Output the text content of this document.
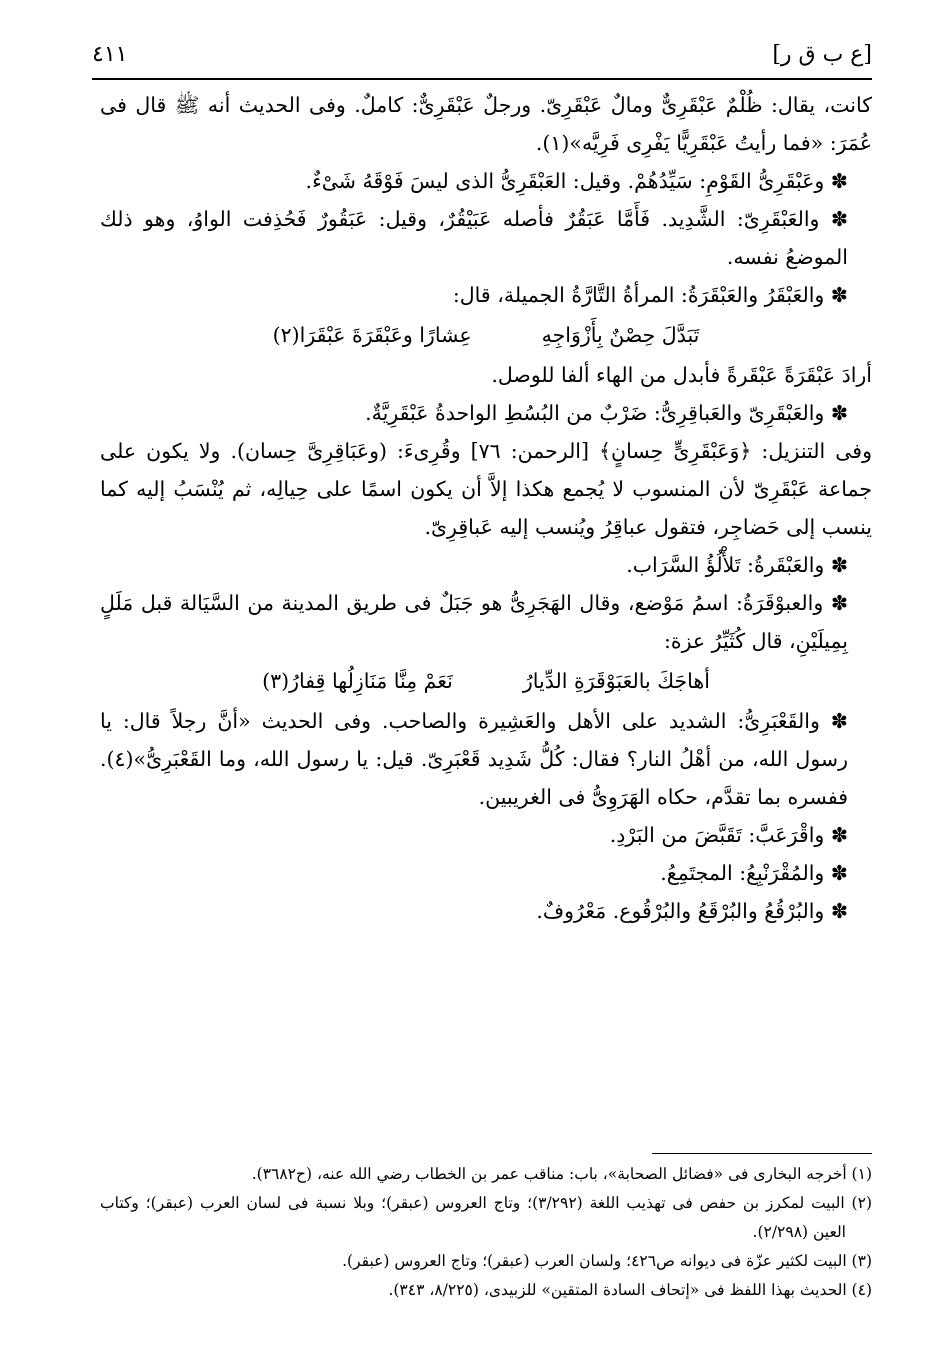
[ع ب ق ر]
٤١١

كانت، يقال: ظُلْمٌ عَبْقَرِىٌّ ومالٌ عَبْقَرِىّ. ورجلٌ عَبْقَرِىٌّ: كاملٌ. وفى الحديث أنه ﷺ قال فى عُمَرَ: «فما رأيتُ عَبْقَرِيًّا يَفْرِى فَرِيَّه»(١).

✽ وعَبْقَرِىُّ القَوْمِ: سَيِّدُهُمْ. وقيل: العَبْقَرِىُّ الذى ليسَ فَوْقَهُ شَىْءٌ.

✽ والعَبْقَرِىّ: الشَّدِيد. فَأَمَّا عَبَقُرٌ فأصله عَبَيْقُرٌ، وقيل: عَبَقُورٌ فَحُذِفت الواوُ، وهو ذلك الموضعُ نفسه.

✽ والعَبْقَرُ والعَبْقَرَةُ: المرأةُ التَّارَّةُ الجميلة، قال:

تَبَدَّلَ حِصْنٌ بِأَزْوَاجِهِ
عِشارًا وعَبْقَرَةَ عَبْقَرَا(٢)

أرادَ عَبْقَرَةً عَبْقَرةً فأبدل من الهاء ألفا للوصل.

✽ والعَبْقَرِىّ والعَباقِرِىُّ: ضَرْبٌ من البُسُطِ الواحدةُ عَبْقَرِيَّةٌ.

وفى التنزيل: ﴿وَعَبْقَرِىٍّ حِسانٍ﴾ [الرحمن: ٧٦] وقُرِىءَ: (وعَبَاقِرِىَّ حِسان). ولا يكون على جماعة عَبْقَرِىّ لأن المنسوب لا يُجمع هكذا إلاَّ أن يكون اسمًا على حِيالِه، ثم يُنْسَبُ إليه كما ينسب إلى حَضاجِر، فتقول عباقِرُ ويُنسب إليه عَباقِرِىّ.

✽ والعَبْقَرةُ: تَلأْلُؤُ السَّرَاب.

✽ والعبوْقَرَةُ: اسمُ مَوْضع، وقال الهَجَرِىُّ هو جَبَلٌ فى طريق المدينة من السَّيَالة قبل مَلَلٍ بِمِيلَيْنِ، قال كُثَيِّرُ عزة:

أهاجَكَ بالعَبَوْقَرَةِ الدِّيارُ
نَعَمْ مِنَّا مَنَازِلُها قِفارُ(٣)

✽ والقَعْبَرِىُّ: الشديد على الأهل والعَشِيرة والصاحب. وفى الحديث «أنَّ رجلاً قال: يا رسول الله، من أهْلُ النار؟ فقال: كُلُّ شَدِيد قَعْبَرِىّ. قيل: يا رسول الله، وما القَعْبَرِىُّ»(٤). ففسره بما تقدَّم، حكاه الهَرَوِىُّ فى الغريبين.

✽ واقْرَعَبَّ: تَقَبَّضَ من البَرْدِ.

✽ والمُقْرَنْبِعُ: المجتَمِعُ.

✽ والبُرْقُعُ والبُرْقَعُ والبُرْقُوع. مَعْرُوفٌ.

(١) أخرجه البخارى فى «فضائل الصحابة»، باب: مناقب عمر بن الخطاب رضي الله عنه، (ح٣٦٨٢).

(٢) البيت لمكرز بن حفص فى تهذيب اللغة (٣/٢٩٢)؛ وتاج العروس (عبقر)؛ وبلا نسبة فى لسان العرب (عبقر)؛ وكتاب العين (٢/٢٩٨).

(٣) البيت لكثير عزّة فى ديوانه ص٤٢٦؛ ولسان العرب (عبقر)؛ وتاج العروس (عبقر).

(٤) الحديث بهذا اللفظ فى «إتحاف السادة المتقين» للزبيدى، (٨/٢٢٥، ٣٤٣).
